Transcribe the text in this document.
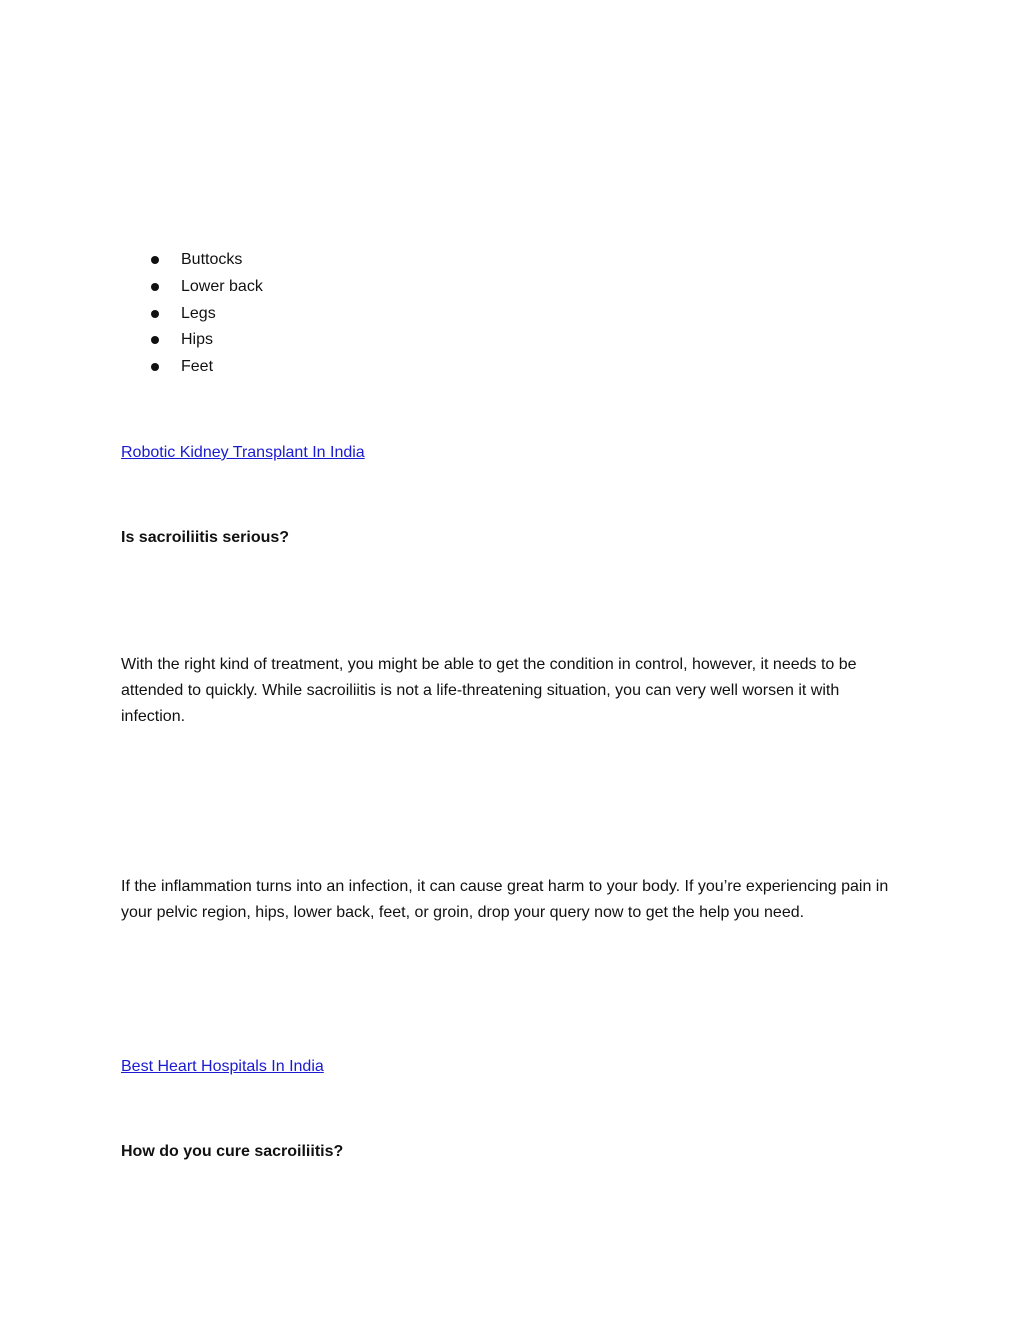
Buttocks
Lower back
Legs
Hips
Feet
Robotic Kidney Transplant In India
Is sacroiliitis serious?

With the right kind of treatment, you might be able to get the condition in control, however, it needs to be attended to quickly. While sacroiliitis is not a life-threatening situation, you can very well worsen it with infection.

If the inflammation turns into an infection, it can cause great harm to your body. If you’re experiencing pain in your pelvic region, hips, lower back, feet, or groin, drop your query now to get the help you need.

Best Heart Hospitals In India
How do you cure sacroiliitis?
